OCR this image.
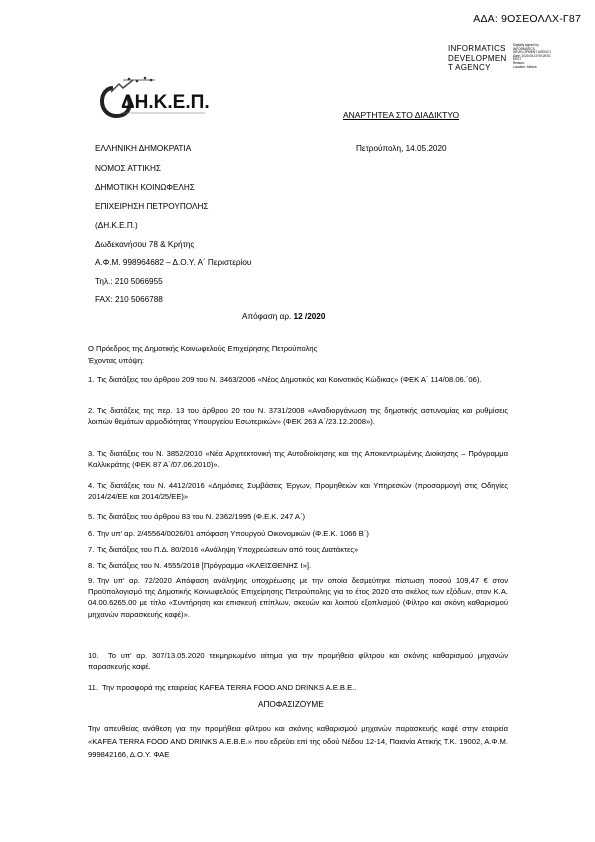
ΑΔΑ: 9ΟΣΕΟΛΛΧ-Γ87
INFORMATICS
DEVELOPMEN
T AGENCY
Digitally signed by
INFORMATICS
DEVELOPMENT AGENCY
Date: 2020.05.19 09:25:51
EEST
Reason:
Location: Athens
ΔΗ.Κ.Ε.Π.
ΑΝΑΡΤΗΤΕΑ ΣΤΟ ΔΙΑΔΙΚΤΥΟ
ΕΛΛΗΝΙΚΗ ΔΗΜΟΚΡΑΤΙΑ
ΝΟΜΟΣ ΑΤΤΙΚΗΣ
ΔΗΜΟΤΙΚΗ ΚΟΙΝΩΦΕΛΗΣ
ΕΠΙΧΕΙΡΗΣΗ ΠΕΤΡΟΥΠΟΛΗΣ
(ΔΗ.Κ.Ε.Π.)
Δωδεκανήσου 78 & Κρήτης
Α.Φ.Μ. 998964682 – Δ.Ο.Υ. Α΄ Περιστερίου
Τηλ.: 210 5066955
FAX: 210 5066788
Πετρούπολη, 14.05.2020
Απόφαση αρ. 12 /2020
Ο Πρόεδρος της Δημοτικής Κοινωφελούς Επιχείρησης Πετρούπολης
Έχοντας υπόψη:
1. Τις διατάξεις του άρθρου 209 του Ν. 3463/2006 «Νέος Δημοτικός και Κοινοτικός Κώδικας» (ΦΕΚ Α΄ 114/08.06.΄06).
2. Τις διατάξεις της περ. 13 του άρθρου 20 του Ν. 3731/2008 «Αναδιοργάνωση της δημοτικής αστυνομίας και ρυθμίσεις λοιπών θεμάτων αρμοδιότητας Υπουργείου Εσωτερικών» (ΦΕΚ 263 Α΄/23.12.2008»).
3. Τις διατάξεις του Ν. 3852/2010 «Νέα Αρχιτεκτονική της Αυτοδιοίκησης και της Αποκεντρωμένης Διοίκησης – Πρόγραμμα Καλλικράτης (ΦΕΚ 87 Α΄/07.06.2010)».
4. Τις διατάξεις του Ν. 4412/2016 «Δημόσιες Συμβάσεις Έργων, Προμηθειών και Υπηρεσιών (προσαρμογή στις Οδηγίες 2014/24/ΕΕ και 2014/25/ΕΕ)»
5. Τις διατάξεις του άρθρου 83 του Ν. 2362/1995 (Φ.Ε.Κ. 247 Α΄)
6. Την υπ' αρ. 2/45564/0026/01 απόφαση Υπουργού Οικονομικών (Φ.Ε.Κ. 1066 Β΄)
7. Τις διατάξεις του Π.Δ. 80/2016 «Ανάληψη Υποχρεώσεων από τους Διατάκτες»
8. Τις διατάξεις του Ν. 4555/2018 [Πρόγραμμα «ΚΛΕΙΣΘΕΝΗΣ Ι»].
9. Την υπ' αρ. 72/2020 Απόφαση ανάληψης υποχρέωσης με την οποία δεσμεύτηκε πίστωση ποσού 109,47 € στον Προϋπολογισμό της Δημοτικής Κοινωφελούς Επιχείρησης Πετρούπολης για το έτος 2020 στο σκέλος των εξόδων, στον Κ.Α. 04.00.6265.00 με τίτλο «Συντήρηση και επισκευή επίπλων, σκευών και λοιπού εξοπλισμού (Φίλτρο και σκόνη καθαρισμού μηχανών παρασκευής καφέ)».
10. Το υπ' αρ. 307/13.05.2020 τεκμηριωμένο αίτημα για την προμήθεια φίλτρου και σκόνης καθαρισμού μηχανών παρασκευής καφέ.
11. Την προσφορά της εταιρείας KAFEA TERRA FOOD AND DRINKS A.E.B.E..
ΑΠΟΦΑΣΙΖΟΥΜΕ
Την απευθείας ανάθεση για την προμήθεια φίλτρου και σκόνης καθαρισμού μηχανών παρασκευής καφέ στην εταιρεία «KAFEA TERRA FOOD AND DRINKS A.E.B.E.» που εδρεύει επί της οδού Νέδου 12-14, Παιανία Αττικής Τ.Κ. 19002, Α.Φ.Μ. 999842166, Δ.Ο.Υ. ΦΑΕ
